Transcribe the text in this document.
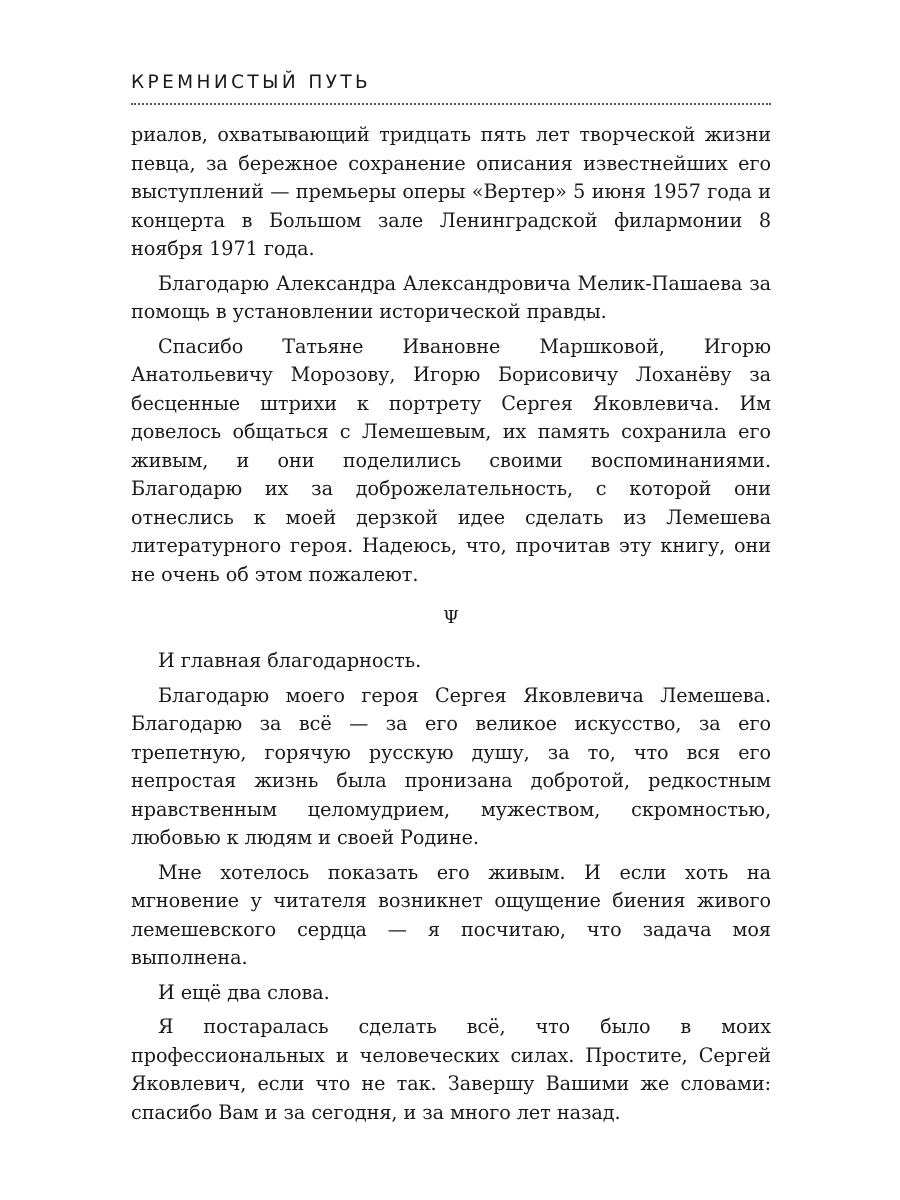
КРЕМНИСТЫЙ ПУТЬ

риалов, охватывающий тридцать пять лет творческой жизни певца, за бережное сохранение описания известнейших его выступлений — премьеры оперы «Вертер» 5 июня 1957 года и концерта в Большом зале Ленинградской филармонии 8 ноября 1971 года.

Благодарю Александра Александровича Мелик-Пашаева за помощь в установлении исторической правды.

Спасибо Татьяне Ивановне Маршковой, Игорю Анатольевичу Морозову, Игорю Борисовичу Лоханёву за бесценные штрихи к портрету Сергея Яковлевича. Им довелось общаться с Лемешевым, их память сохранила его живым, и они поделились своими воспоминаниями. Благодарю их за доброжелательность, с которой они отнеслись к моей дерзкой идее сделать из Лемешева литературного героя. Надеюсь, что, прочитав эту книгу, они не очень об этом пожалеют.

Ψ

И главная благодарность.

Благодарю моего героя Сергея Яковлевича Лемешева. Благодарю за всё — за его великое искусство, за его трепетную, горячую русскую душу, за то, что вся его непростая жизнь была пронизана добротой, редкостным нравственным целомудрием, мужеством, скромностью, любовью к людям и своей Родине.

Мне хотелось показать его живым. И если хоть на мгновение у читателя возникнет ощущение биения живого лемешевского сердца — я посчитаю, что задача моя выполнена.

И ещё два слова.

Я постаралась сделать всё, что было в моих профессиональных и человеческих силах. Простите, Сергей Яковлевич, если что не так. Завершу Вашими же словами: спасибо Вам и за сегодня, и за много лет назад.
